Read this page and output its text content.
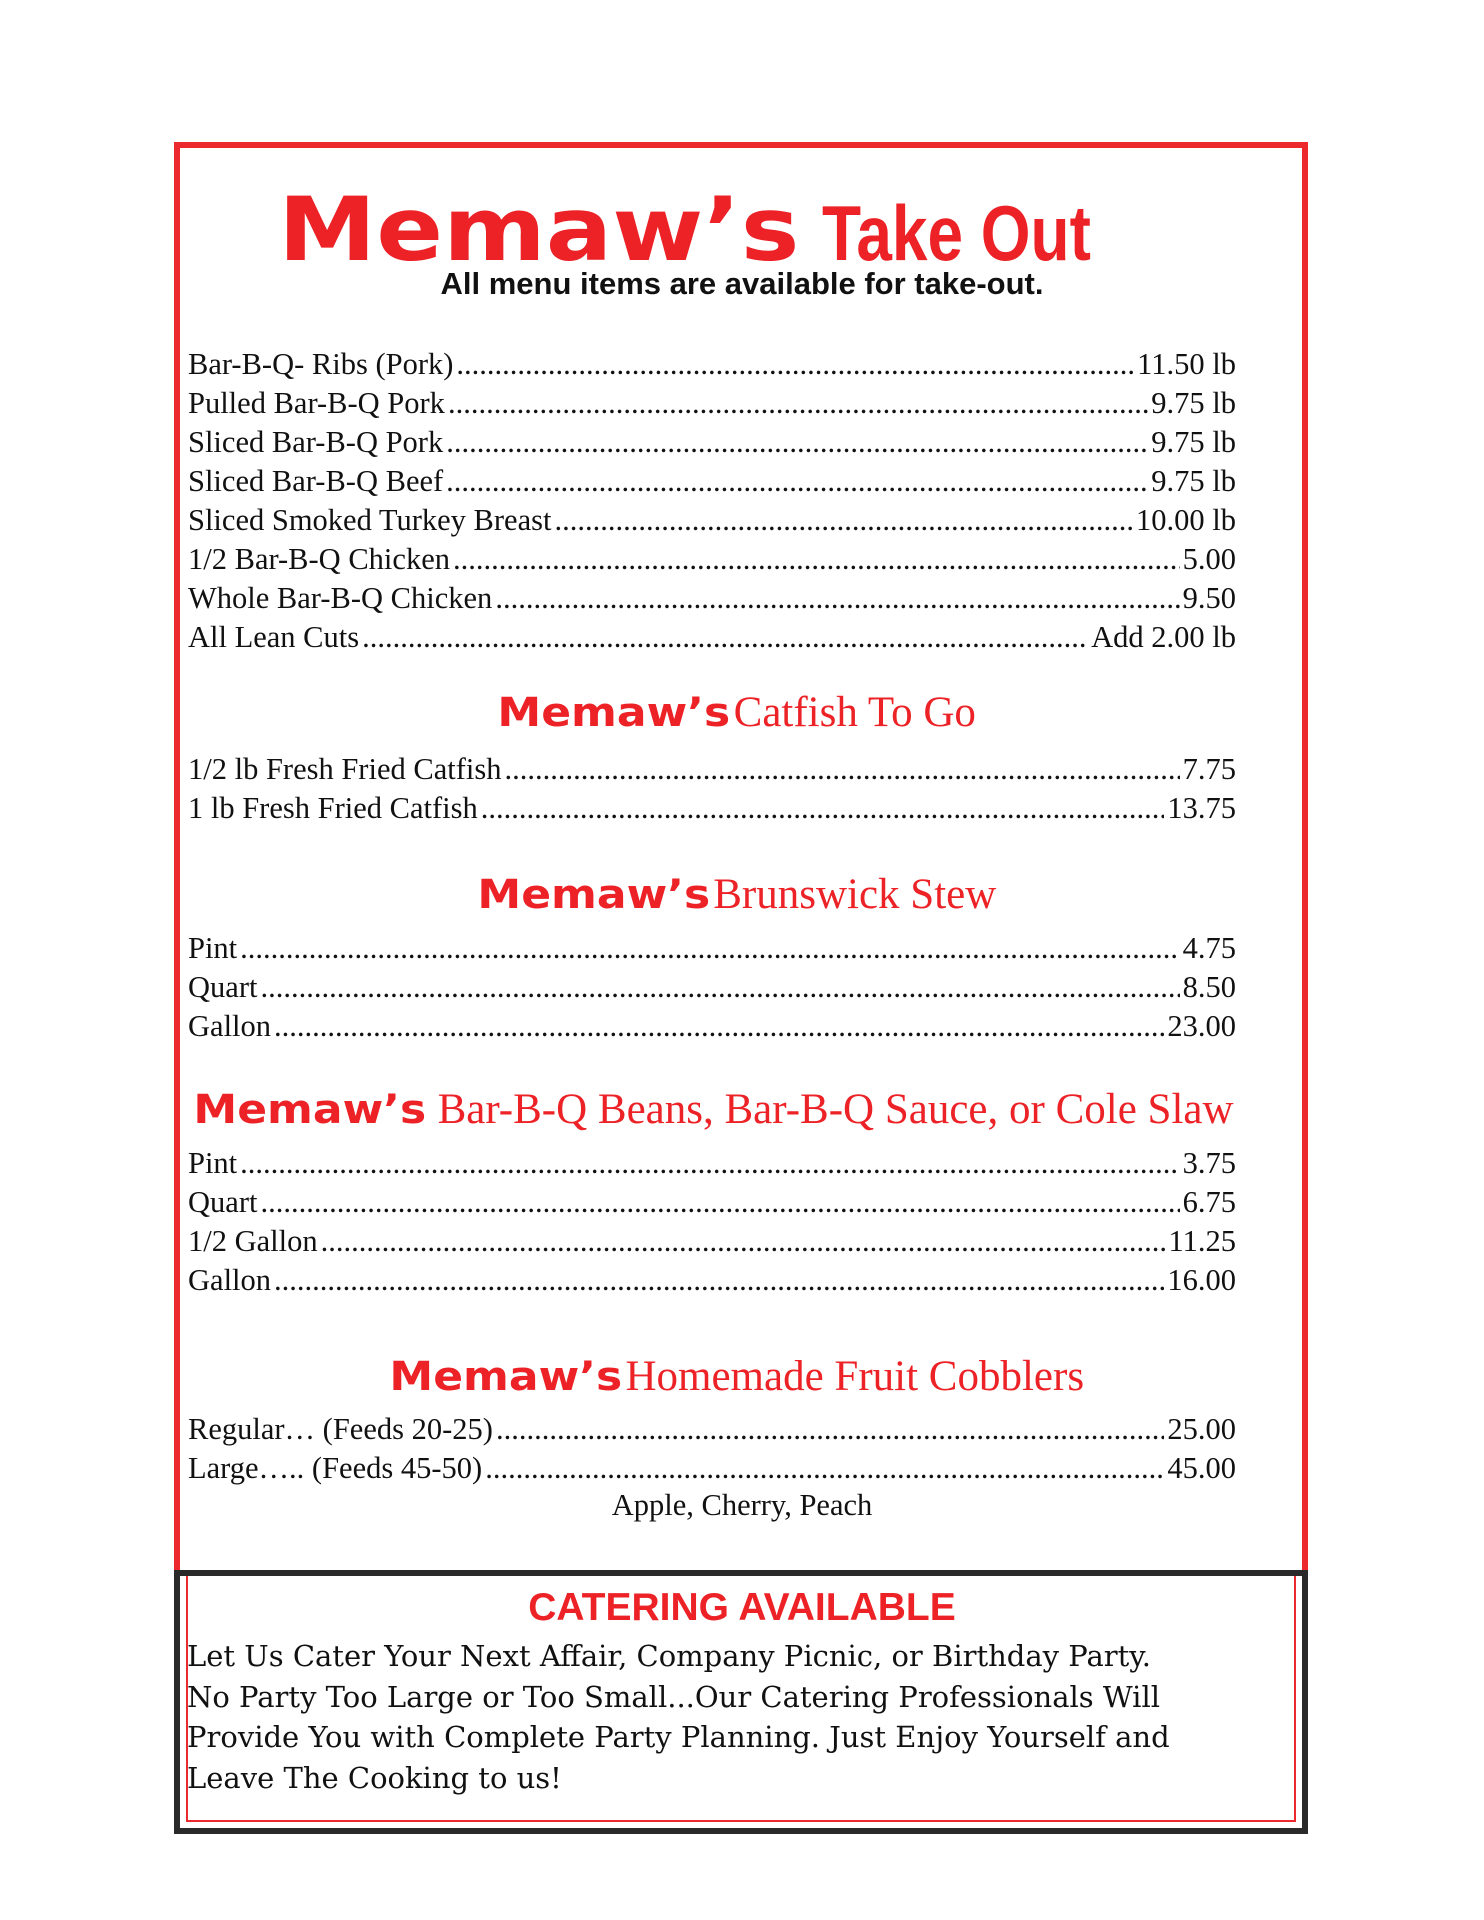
Memaw’s Take Out
All menu items are available for take-out.
Bar-B-Q- Ribs (Pork) .....	11.50 lb
Pulled Bar-B-Q Pork .....	9.75 lb
Sliced Bar-B-Q Pork .....	9.75 lb
Sliced Bar-B-Q Beef .....	9.75 lb
Sliced Smoked Turkey Breast .....	10.00 lb
1/2 Bar-B-Q Chicken .....	5.00
Whole Bar-B-Q Chicken .....	9.50
All Lean Cuts .....	Add 2.00 lb
Memaw’sCatfish To Go
1/2 lb Fresh Fried Catfish .....	7.75
1 lb Fresh Fried Catfish .....	13.75
Memaw’sBrunswick Stew
Pint .....	4.75
Quart .....	8.50
Gallon .....	23.00
Memaw’s Bar-B-Q Beans, Bar-B-Q Sauce, or Cole Slaw
Pint .....	3.75
Quart .....	6.75
1/2 Gallon .....	11.25
Gallon .....	16.00
Memaw’sHomemade Fruit Cobblers
Regular… (Feeds 20-25) .....	25.00
Large….. (Feeds 45-50) .....	45.00
Apple, Cherry, Peach
CATERING AVAILABLE
Let Us Cater Your Next Affair, Company Picnic, or Birthday Party.
No Party Too Large or Too Small...Our Catering Professionals Will
Provide You with Complete Party Planning. Just Enjoy Yourself and
Leave The Cooking to us!
